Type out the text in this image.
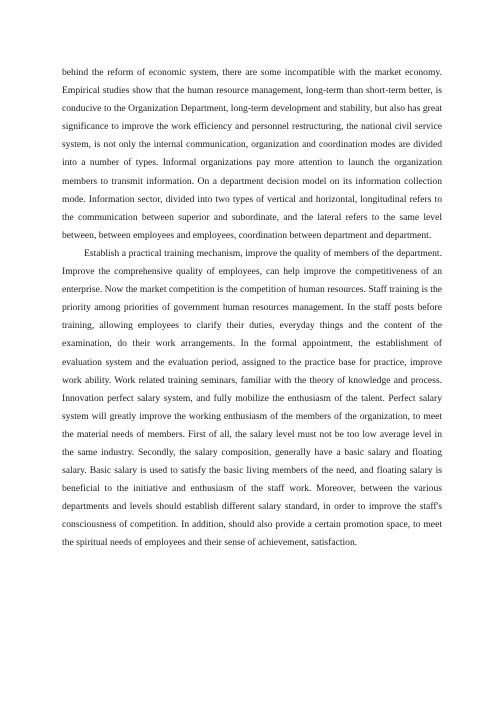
behind the reform of economic system, there are some incompatible with the market economy. Empirical studies show that the human resource management, long-term than short-term better, is conducive to the Organization Department, long-term development and stability, but also has great significance to improve the work efficiency and personnel restructuring, the national civil service system, is not only the internal communication, organization and coordination modes are divided into a number of types. Informal organizations pay more attention to launch the organization members to transmit information. On a department decision model on its information collection mode. Information sector, divided into two types of vertical and horizontal, longitudinal refers to the communication between superior and subordinate, and the lateral refers to the same level between, between employees and employees, coordination between department and department.

Establish a practical training mechanism, improve the quality of members of the department. Improve the comprehensive quality of employees, can help improve the competitiveness of an enterprise. Now the market competition is the competition of human resources. Staff training is the priority among priorities of government human resources management. In the staff posts before training, allowing employees to clarify their duties, everyday things and the content of the examination, do their work arrangements. In the formal appointment, the establishment of evaluation system and the evaluation period, assigned to the practice base for practice, improve work ability. Work related training seminars, familiar with the theory of knowledge and process. Innovation perfect salary system, and fully mobilize the enthusiasm of the talent. Perfect salary system will greatly improve the working enthusiasm of the members of the organization, to meet the material needs of members. First of all, the salary level must not be too low average level in the same industry. Secondly, the salary composition, generally have a basic salary and floating salary. Basic salary is used to satisfy the basic living members of the need, and floating salary is beneficial to the initiative and enthusiasm of the staff work. Moreover, between the various departments and levels should establish different salary standard, in order to improve the staff's consciousness of competition. In addition, should also provide a certain promotion space, to meet the spiritual needs of employees and their sense of achievement, satisfaction.
